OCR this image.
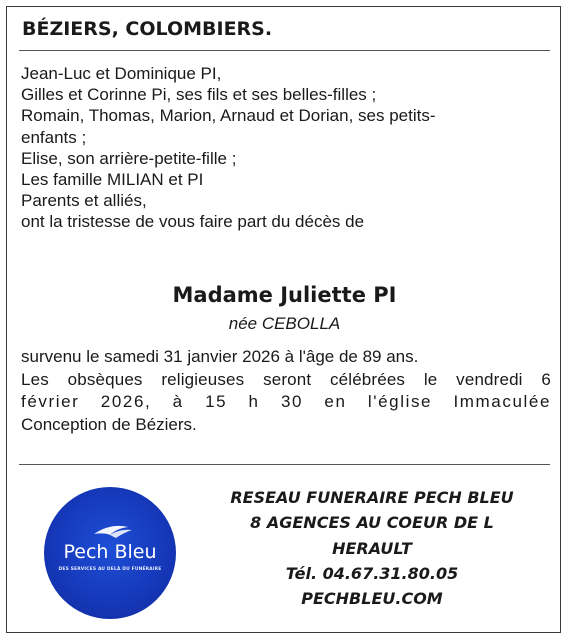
BÉZIERS, COLOMBIERS.
Jean-Luc et Dominique PI,
Gilles et Corinne Pi, ses fils et ses belles-filles ;
Romain, Thomas, Marion, Arnaud et Dorian, ses petits-
enfants ;
Elise, son arrière-petite-fille ;
Les famille MILIAN et PI
Parents et alliés,
ont la tristesse de vous faire part du décès de
Madame Juliette PI
née CEBOLLA
survenu le samedi 31 janvier 2026 à l'âge de 89 ans.
Les obsèques religieuses seront célébrées le vendredi 6
février 2026, à 15 h 30 en l'église Immaculée
Conception de Béziers.
Pech Bleu
DES SERVICES AU DELÀ DU FUNÉRAIRE
RESEAU FUNERAIRE PECH BLEU
8 AGENCES AU COEUR DE L
HERAULT
Tél. 04.67.31.80.05
PECHBLEU.COM
